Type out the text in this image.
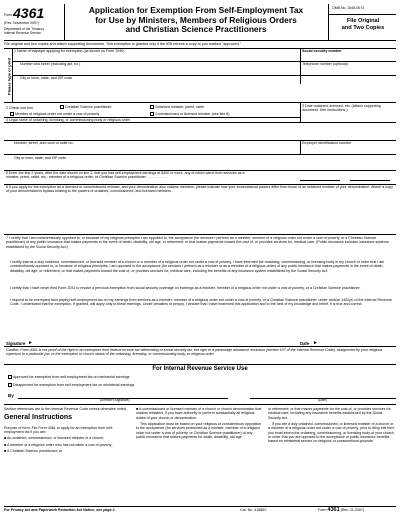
Form 4361
(Rev. November 2007)
Department of the Treasury
Internal Revenue Service
Application for Exemption From Self-Employment Tax
for Use by Ministers, Members of Religious Orders
and Christian Science Practitioners
OMB No. 1545-0074
File Original
and Two Copies
File original and two copies and attach supporting documents. This exemption is granted only if the IRS returns a copy to you marked "approved."
Please type or print
1 Name of taxpayer applying for exemption (as shown on Form 1040)	Social security number
Number and street (including apt. no.)	Telephone number (optional)
City or town, state, and ZIP code
2 Check one box:	Christian Science practitioner	Ordained minister, priest, rabbi
Member of religious order not under a vow of poverty	Commissioned or licensed minister (see line 6)
3 Date ordained, licensed, etc. (Attach supporting document. See instructions.)
4 Legal name of ordaining, licensing, or commissioning body or religious order
Number, street, and room or suite no.	Employer identification number
City or town, state, and ZIP code
5 Enter the first 2 years, after the date shown on line 3, that you had self-employment earnings of $400 or more, any of which came from services as a minister, priest, rabbi, etc.; member of a religious order; or Christian Science practitioner . . . . . . . . . . .
6 If you apply for the exemption as a licensed or commissioned minister, and your denomination also ordains ministers, please indicate how your ecclesiastical powers differ from those of an ordained minister of your denomination. Attach a copy of your denomination's bylaws relating to the powers of ordained, commissioned, and licensed ministers.
7 I certify that I am conscientiously opposed to, or because of my religious principles I am opposed to, the acceptance (for services I perform as a minister, member of a religious order not under a vow of poverty, or a Christian Science practitioner) of any public insurance that makes payments in the event of death, disability, old age, or retirement; or that makes payments toward the cost of, or provides services for, medical care. (Public insurance includes insurance systems established by the Social Security Act.)
I certify that as a duly ordained, commissioned, or licensed minister of a church or a member of a religious order not under a vow of poverty, I have informed the ordaining, commissioning, or licensing body of my church or order that I am conscientiously opposed to, or because of religious principles, I am opposed to the acceptance (for services I perform as a minister or as a member of a religious order) of any public insurance that makes payments in the event of death, disability, old age, or retirement; or that makes payments toward the cost of, or provides services for, medical care, including the benefits of any insurance system established by the Social Security Act.
I certify that I have never filed Form 2031 to revoke a previous exemption from social security coverage on earnings as a minister, member of a religious order not under a vow of poverty, or a Christian Science practitioner.
I request to be exempted from paying self-employment tax on my earnings from services as a minister, member of a religious order not under a vow of poverty, or a Christian Science practitioner, under section 1402(e) of the Internal Revenue Code. I understand that the exemption, if granted, will apply only to these earnings. Under penalties of perjury, I declare that I have examined this application and to the best of my knowledge and belief, it is true and correct.
Signature ►	Date ►
Caution: Form 4361 is not proof of the right to an exemption from federal income tax withholding or social security tax, the right to a parsonage allowance exclusion (section 107 of the Internal Revenue Code), assignment by your religious superiors to a particular job, or the exemption or church status of the ordaining, licensing, or commissioning body, or religious order.
For Internal Revenue Service Use
Approved for exemption from self-employment tax on ministerial earnings
Disapproved for exemption from self-employment tax on ministerial earnings
By
(Director's signature)	(Date)

Section references are to the Internal Revenue Code unless otherwise noted.

General Instructions

Purpose of form. File Form 4361 to apply for an exemption from self-employment tax if you are:

■ An ordained, commissioned, or licensed minister of a church;

■ A member of a religious order who has not taken a vow of poverty;

■ A Christian Science practitioner; or

■ A commissioned or licensed minister of a church or church denomination that ordains ministers, if you have authority to perform substantially all religious duties of your church or denomination.

This application must be based on your religious or conscientious opposition to the acceptance (for services performed as a minister, member of a religious order not under a vow of poverty, or Christian Science practitioner) of any public insurance that makes payments for death, disability, old age,

or retirement; or that makes payments for the cost of, or provides services for, medical care, including any insurance benefits established by the Social Security Act.

If you are a duly ordained, commissioned, or licensed minister of a church or a member of a religious order not under a vow of poverty, prior to filing this form you must inform the ordaining, commissioning, or licensing body of your church or order that you are opposed to the acceptance of public insurance benefits based on ministerial service on religious or conscientious grounds.

For Privacy Act and Paperwork Reduction Act Notice, see page 2.	Cat. No. 41586V	Form 4361 (Rev. 11-2007)
